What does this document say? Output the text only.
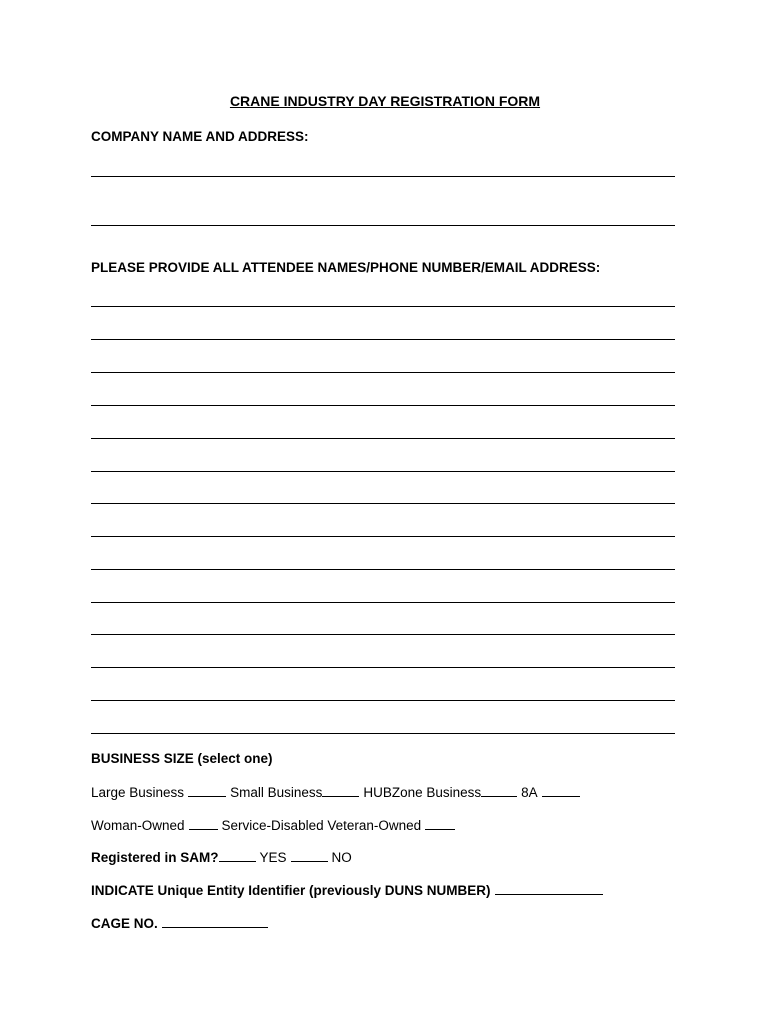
CRANE INDUSTRY DAY REGISTRATION FORM
COMPANY NAME AND ADDRESS:
PLEASE PROVIDE ALL ATTENDEE NAMES/PHONE NUMBER/EMAIL ADDRESS:
BUSINESS SIZE (select one)
Large Business	Small Business	HUBZone Business	8A
Woman-Owned	Service-Disabled Veteran-Owned
Registered in SAM?	YES	NO
INDICATE Unique Entity Identifier (previously DUNS NUMBER)
CAGE NO.
